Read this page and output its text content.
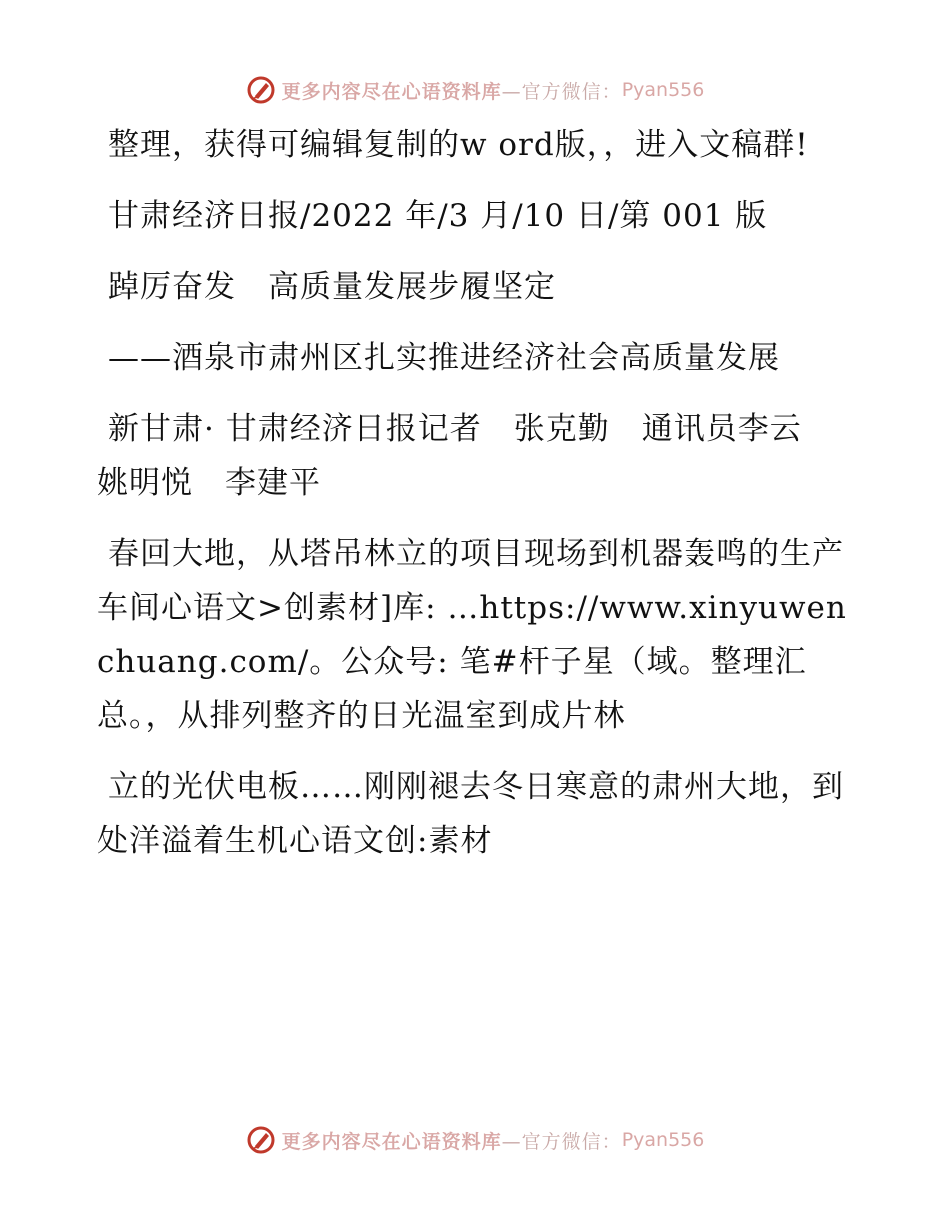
更多内容尽在心语资料库 —官方微信： Pyan556

整理，获得可编辑复制的w ord版，，进入文稿群!

甘肃经济日报/2022 年/3 月/10 日/第 001 版

踔厉奋发　高质量发展步履坚定

——酒泉市肃州区扎实推进经济社会高质量发展

新甘肃· 甘肃经济日报记者　张克勤　通讯员李云　姚明悦　李建平

春回大地，从塔吊林立的项目现场到机器轰鸣的生产车间心语文>创素材]库: …https://www.xinyuwenchuang.com/。公众号: 笔#杆子星（域。整理汇总。，从排列整齐的日光温室到成片林

立的光伏电板……刚刚褪去冬日寒意的肃州大地，到处洋溢着生机心语文创:素材

更多内容尽在心语资料库 —官方微信： Pyan556
